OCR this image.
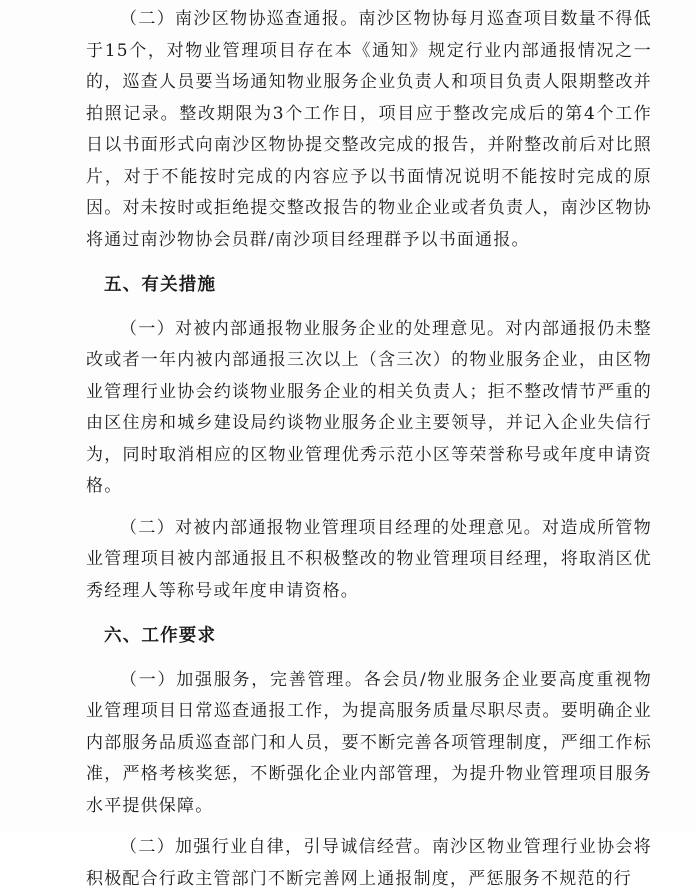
（二）南沙区物协巡查通报。南沙区物协每月巡查项目数量不得低于15个，对物业管理项目存在本《通知》规定行业内部通报情况之一的，巡查人员要当场通知物业服务企业负责人和项目负责人限期整改并拍照记录。整改期限为3个工作日，项目应于整改完成后的第4个工作日以书面形式向南沙区物协提交整改完成的报告，并附整改前后对比照片，对于不能按时完成的内容应予以书面情况说明不能按时完成的原因。对未按时或拒绝提交整改报告的物业企业或者负责人，南沙区物协将通过南沙物协会员群/南沙项目经理群予以书面通报。

五、有关措施

（一）对被内部通报物业服务企业的处理意见。对内部通报仍未整改或者一年内被内部通报三次以上（含三次）的物业服务企业，由区物业管理行业协会约谈物业服务企业的相关负责人；拒不整改情节严重的由区住房和城乡建设局约谈物业服务企业主要领导，并记入企业失信行为，同时取消相应的区物业管理优秀示范小区等荣誉称号或年度申请资格。

（二）对被内部通报物业管理项目经理的处理意见。对造成所管物业管理项目被内部通报且不积极整改的物业管理项目经理，将取消区优秀经理人等称号或年度申请资格。

六、工作要求

（一）加强服务，完善管理。各会员/物业服务企业要高度重视物业管理项目日常巡查通报工作，为提高服务质量尽职尽责。要明确企业内部服务品质巡查部门和人员，要不断完善各项管理制度，严细工作标准，严格考核奖惩，不断强化企业内部管理，为提升物业管理项目服务水平提供保障。

（二）加强行业自律，引导诚信经营。南沙区物业管理行业协会将积极配合行政主管部门不断完善网上通报制度，严惩服务不规范的行
